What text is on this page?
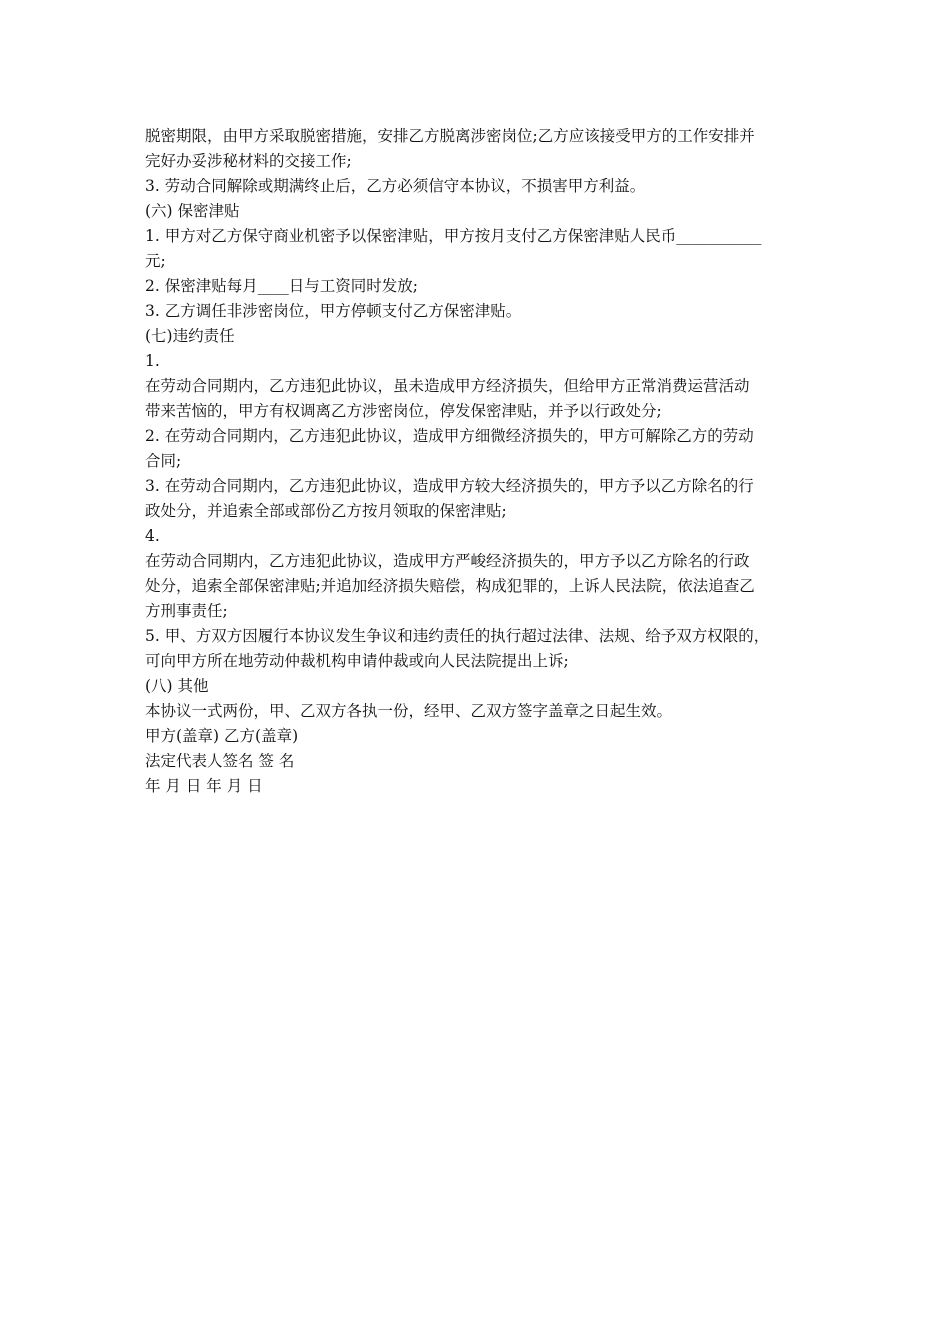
脱密期限，由甲方采取脱密措施，安排乙方脱离涉密岗位;乙方应该接受甲方的工作安排并

完好办妥涉秘材料的交接工作;

3. 劳动合同解除或期满终止后，乙方必须信守本协议，不损害甲方利益。

(六) 保密津贴

1. 甲方对乙方保守商业机密予以保密津贴，甲方按月支付乙方保密津贴人民币___________

元;

2. 保密津贴每月____日与工资同时发放;

3. 乙方调任非涉密岗位，甲方停顿支付乙方保密津贴。

(七)违约责任

1.

在劳动合同期内，乙方违犯此协议，虽未造成甲方经济损失，但给甲方正常消费运营活动

带来苦恼的，甲方有权调离乙方涉密岗位，停发保密津贴，并予以行政处分;

2. 在劳动合同期内，乙方违犯此协议，造成甲方细微经济损失的，甲方可解除乙方的劳动

合同;

3. 在劳动合同期内，乙方违犯此协议，造成甲方较大经济损失的，甲方予以乙方除名的行

政处分，并追索全部或部份乙方按月领取的保密津贴;

4.

在劳动合同期内，乙方违犯此协议，造成甲方严峻经济损失的，甲方予以乙方除名的行政

处分，追索全部保密津贴;并追加经济损失赔偿，构成犯罪的，上诉人民法院，依法追查乙

方刑事责任;

5. 甲、方双方因履行本协议发生争议和违约责任的执行超过法律、法规、给予双方权限的，

可向甲方所在地劳动仲裁机构申请仲裁或向人民法院提出上诉;

(八) 其他

本协议一式两份，甲、乙双方各执一份，经甲、乙双方签字盖章之日起生效。

甲方(盖章) 乙方(盖章)

法定代表人签名 签 名

年 月 日 年 月 日
